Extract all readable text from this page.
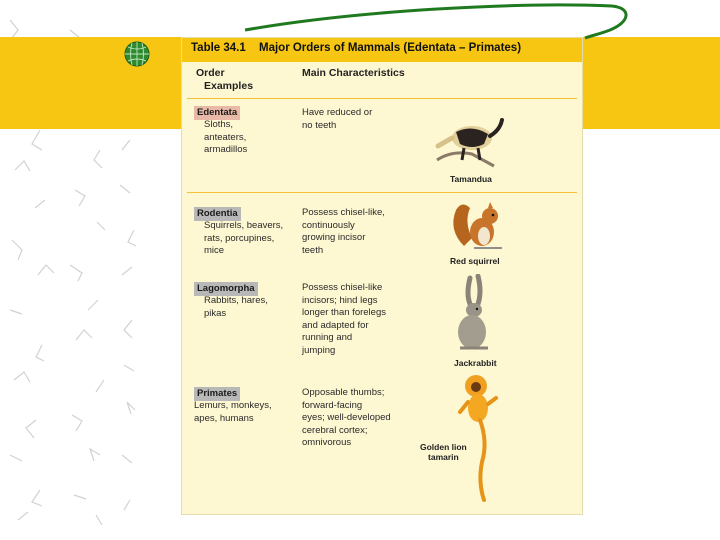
Table 34.1 Major Orders of Mammals (Edentata – Primates)
Order
Examples
Main Characteristics
Edentata
Sloths,
anteaters,
armadillos
Have reduced or
no teeth
Tamandua
Rodentia
Squirrels, beavers,
rats, porcupines,
mice
Possess chisel-like,
continuously
growing incisor
teeth
Red squirrel
Lagomorpha
Rabbits, hares,
pikas
Possess chisel-like
incisors; hind legs
longer than forelegs
and adapted for
running and
jumping
Jackrabbit
Primates
Lemurs, monkeys,
apes, humans
Opposable thumbs;
forward-facing
eyes; well-developed
cerebral cortex;
omnivorous	Golden lion
tamarin
